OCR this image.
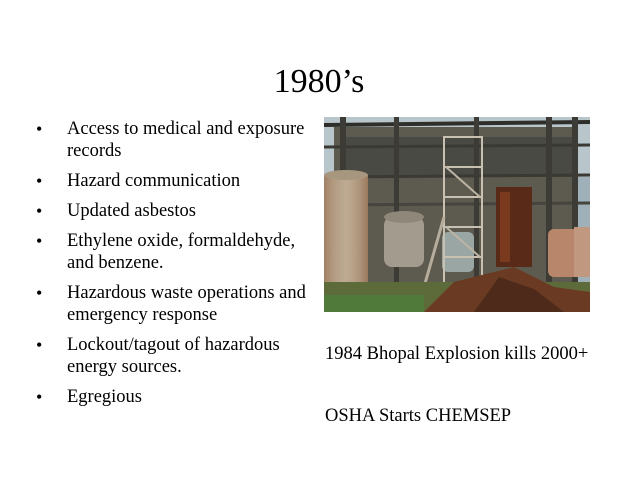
1980’s
• Access to medical and exposure records
• Hazard communication
• Updated asbestos
• Ethylene oxide, formaldehyde, and benzene.
• Hazardous waste operations and emergency response
• Lockout/tagout of hazardous energy sources.
• Egregious
1984 Bhopal Explosion kills 2000+
OSHA Starts CHEMSEP
